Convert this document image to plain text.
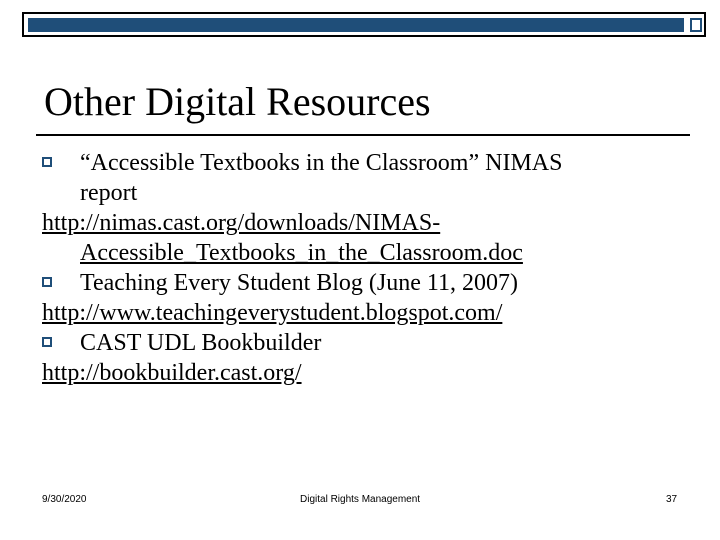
Other Digital Resources
“Accessible Textbooks in the Classroom” NIMAS
report
http://nimas.cast.org/downloads/NIMAS-
Accessible_Textbooks_in_the_Classroom.doc
Teaching Every Student Blog (June 11, 2007)
http://www.teachingeverystudent.blogspot.com/
CAST UDL Bookbuilder
http://bookbuilder.cast.org/
9/30/2020	Digital Rights Management	37
